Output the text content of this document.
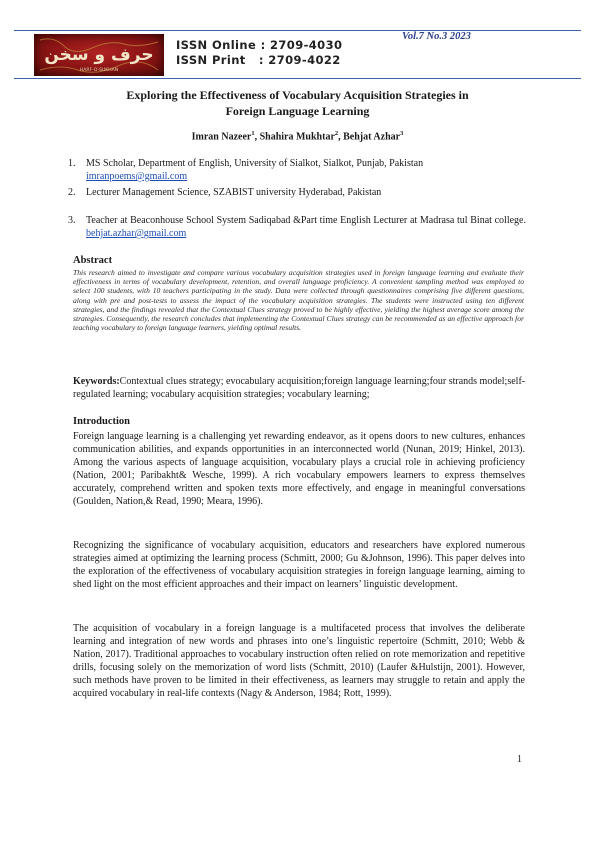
Vol.7 No.3 2023
حرف و سخن
HARF-O-SUKHAN
ISSN Online : 2709-4030
ISSN Print   : 2709-4022
Exploring the Effectiveness of Vocabulary Acquisition Strategies in
Foreign Language Learning
Imran Nazeer$^1$, Shahira Mukhtar$^2$, Behjat Azhar$^3$
1. MS Scholar, Department of English, University of Sialkot, Sialkot, Punjab, Pakistan
imranpoems@gmail.com
2. Lecturer Management Science, SZABIST university Hyderabad, Pakistan
3. Teacher at Beaconhouse School System Sadiqabad &Part time English Lecturer at Madrasa tul Binat college. behjat.azhar@gmail.com
Abstract
This research aimed to investigate and compare various vocabulary acquisition strategies used in foreign language learning and evaluate their effectiveness in terms of vocabulary development, retention, and overall language proficiency. A convenient sampling method was employed to select 100 students, with 10 teachers participating in the study. Data were collected through questionnaires comprising five different questions, along with pre and post-tests to assess the impact of the vocabulary acquisition strategies. The students were instructed using ten different strategies, and the findings revealed that the Contextual Clues strategy proved to be highly effective, yielding the highest average score among the strategies. Consequently, the research concludes that implementing the Contextual Clues strategy can be recommended as an effective approach for teaching vocabulary to foreign language learners, yielding optimal results.
Keywords:Contextual clues strategy; evocabulary acquisition;foreign language learning;four strands model;self-regulated learning; vocabulary acquisition strategies; vocabulary learning;
Introduction
Foreign language learning is a challenging yet rewarding endeavor, as it opens doors to new cultures, enhances communication abilities, and expands opportunities in an interconnected world (Nunan, 2019; Hinkel, 2013). Among the various aspects of language acquisition, vocabulary plays a crucial role in achieving proficiency (Nation, 2001; Paribakht& Wesche, 1999). A rich vocabulary empowers learners to express themselves accurately, comprehend written and spoken texts more effectively, and engage in meaningful conversations (Goulden, Nation,& Read, 1990; Meara, 1996).
Recognizing the significance of vocabulary acquisition, educators and researchers have explored numerous strategies aimed at optimizing the learning process (Schmitt, 2000; Gu &Johnson, 1996). This paper delves into the exploration of the effectiveness of vocabulary acquisition strategies in foreign language learning, aiming to shed light on the most efficient approaches and their impact on learners’ linguistic development.
The acquisition of vocabulary in a foreign language is a multifaceted process that involves the deliberate learning and integration of new words and phrases into one’s linguistic repertoire (Schmitt, 2010; Webb & Nation, 2017). Traditional approaches to vocabulary instruction often relied on rote memorization and repetitive drills, focusing solely on the memorization of word lists (Schmitt, 2010) (Laufer &Hulstijn, 2001). However, such methods have proven to be limited in their effectiveness, as learners may struggle to retain and apply the acquired vocabulary in real-life contexts (Nagy & Anderson, 1984; Rott, 1999).
1
